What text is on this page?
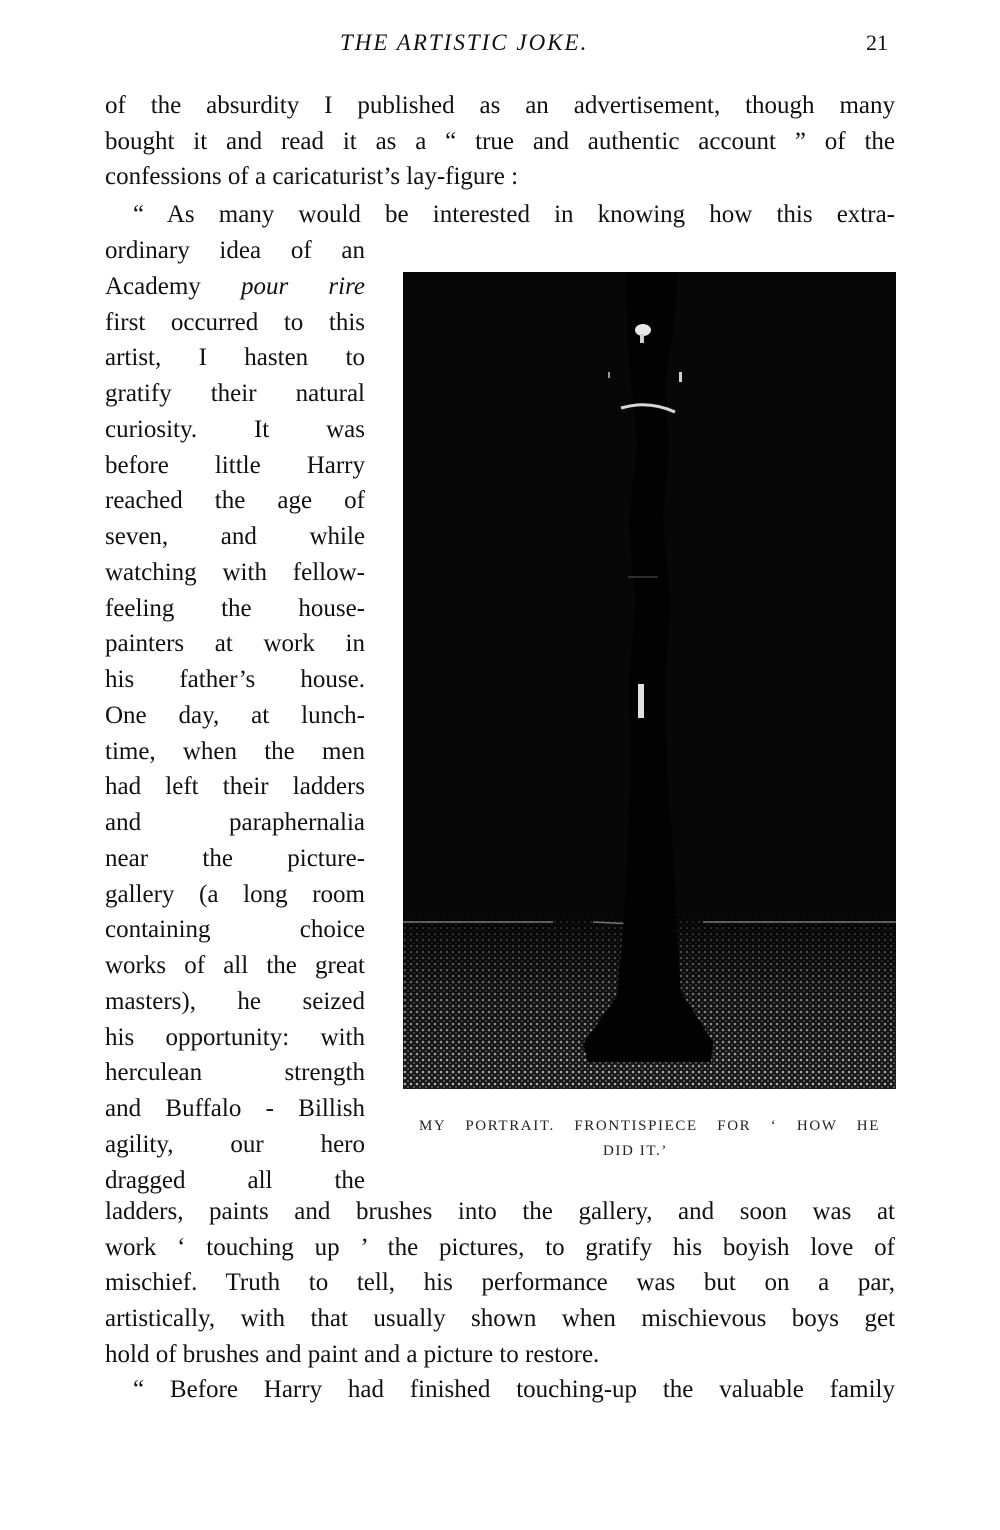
THE ARTISTIC JOKE.	21
of the absurdity I published as an advertisement, though many
bought it and read it as a “ true and authentic account ” of the
confessions of a caricaturist’s lay-figure :
“ As many would be interested in knowing how this extra-
ordinary idea of an
Academy pour rire
first occurred to this
artist, I hasten to
gratify their natural
curiosity. It was
before little Harry
reached the age of
seven, and while
watching with fellow-
feeling the house-
painters at work in
his father’s house.
One day, at lunch-
time, when the men
had left their ladders
and paraphernalia
near the picture-
gallery (a long room
containing choice
works of all the great
masters), he seized
his opportunity: with
herculean strength
and Buffalo - Billish
agility, our hero
dragged all the
MY PORTRAIT. FRONTISPIECE FOR ‘ HOW HE
DID IT.’
ladders, paints and brushes into the gallery, and soon was at
work ‘ touching up ’ the pictures, to gratify his boyish love of
mischief. Truth to tell, his performance was but on a par,
artistically, with that usually shown when mischievous boys get
hold of brushes and paint and a picture to restore.
“ Before Harry had finished touching-up the valuable family
